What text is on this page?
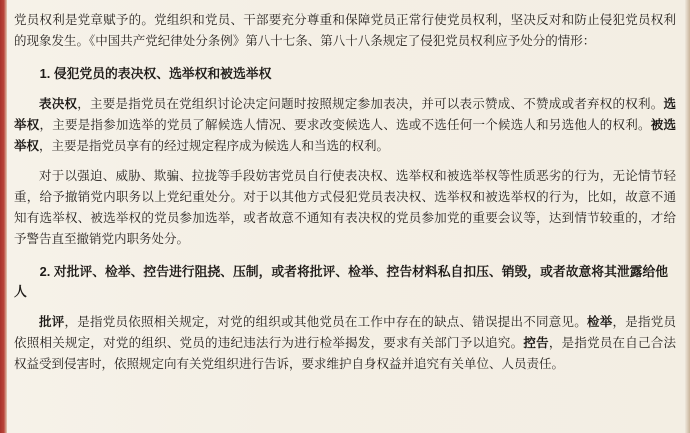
党员权利是党章赋予的。党组织和党员、干部要充分尊重和保障党员正常行使党员权利，坚决反对和防止侵犯党员权利的现象发生。《中国共产党纪律处分条例》第八十七条、第八十八条规定了侵犯党员权利应予处分的情形：

1. 侵犯党员的表决权、选举权和被选举权

表决权，主要是指党员在党组织讨论决定问题时按照规定参加表决，并可以表示赞成、不赞成或者弃权的权利。选举权，主要是指参加选举的党员了解候选人情况、要求改变候选人、选或不选任何一个候选人和另选他人的权利。被选举权，主要是指党员享有的经过规定程序成为候选人和当选的权利。

对于以强迫、威胁、欺骗、拉拢等手段妨害党员自行使表决权、选举权和被选举权等性质恶劣的行为，无论情节轻重，给予撤销党内职务以上党纪重处分。对于以其他方式侵犯党员表决权、选举权和被选举权的行为，比如，故意不通知有选举权、被选举权的党员参加选举，或者故意不通知有表决权的党员参加党的重要会议等，达到情节较重的，才给予警告直至撤销党内职务处分。

2. 对批评、检举、控告进行阻挠、压制，或者将批评、检举、控告材料私自扣压、销毁，或者故意将其泄露给他人

批评，是指党员依照相关规定，对党的组织或其他党员在工作中存在的缺点、错误提出不同意见。检举，是指党员依照相关规定，对党的组织、党员的违纪违法行为进行检举揭发，要求有关部门予以追究。控告，是指党员在自己合法权益受到侵害时，依照规定向有关党组织进行告诉，要求维护自身权益并追究有关单位、人员责任。
